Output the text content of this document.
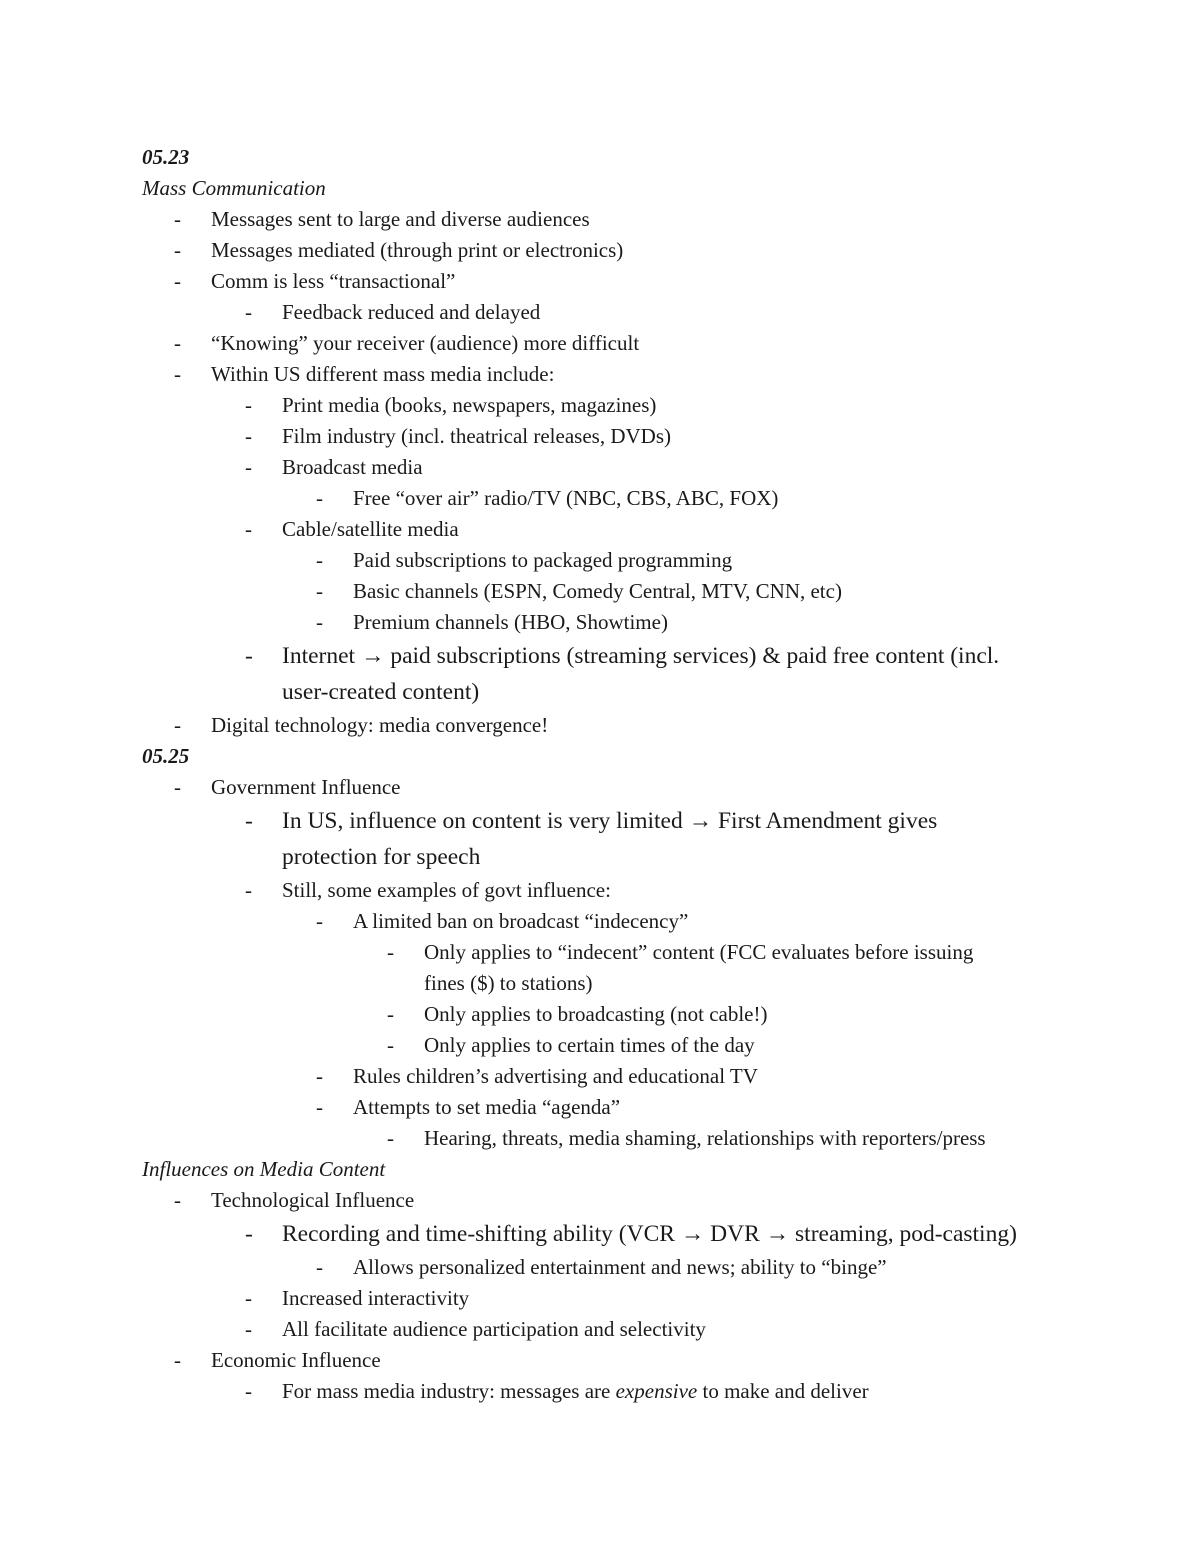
05.23
Mass Communication
-	Messages sent to large and diverse audiences
-	Messages mediated (through print or electronics)
-	Comm is less “transactional”
-	Feedback reduced and delayed
-	“Knowing” your receiver (audience) more difficult
-	Within US different mass media include:
-	Print media (books, newspapers, magazines)
-	Film industry (incl. theatrical releases, DVDs)
-	Broadcast media
-	Free “over air” radio/TV (NBC, CBS, ABC, FOX)
-	Cable/satellite media
-	Paid subscriptions to packaged programming
-	Basic channels (ESPN, Comedy Central, MTV, CNN, etc)
-	Premium channels (HBO, Showtime)
-	Internet → paid subscriptions (streaming services) & paid free content (incl.
user-created content)
-	Digital technology: media convergence!
05.25
-	Government Influence
-	In US, influence on content is very limited → First Amendment gives
protection for speech
-	Still, some examples of govt influence:
-	A limited ban on broadcast “indecency”
-	Only applies to “indecent” content (FCC evaluates before issuing
fines ($) to stations)
-	Only applies to broadcasting (not cable!)
-	Only applies to certain times of the day
-	Rules children’s advertising and educational TV
-	Attempts to set media “agenda”
-	Hearing, threats, media shaming, relationships with reporters/press
Influences on Media Content
-	Technological Influence
-	Recording and time-shifting ability (VCR → DVR → streaming, pod-casting)
-	Allows personalized entertainment and news; ability to “binge”
-	Increased interactivity
-	All facilitate audience participation and selectivity
-	Economic Influence
-	For mass media industry: messages are expensive to make and deliver
